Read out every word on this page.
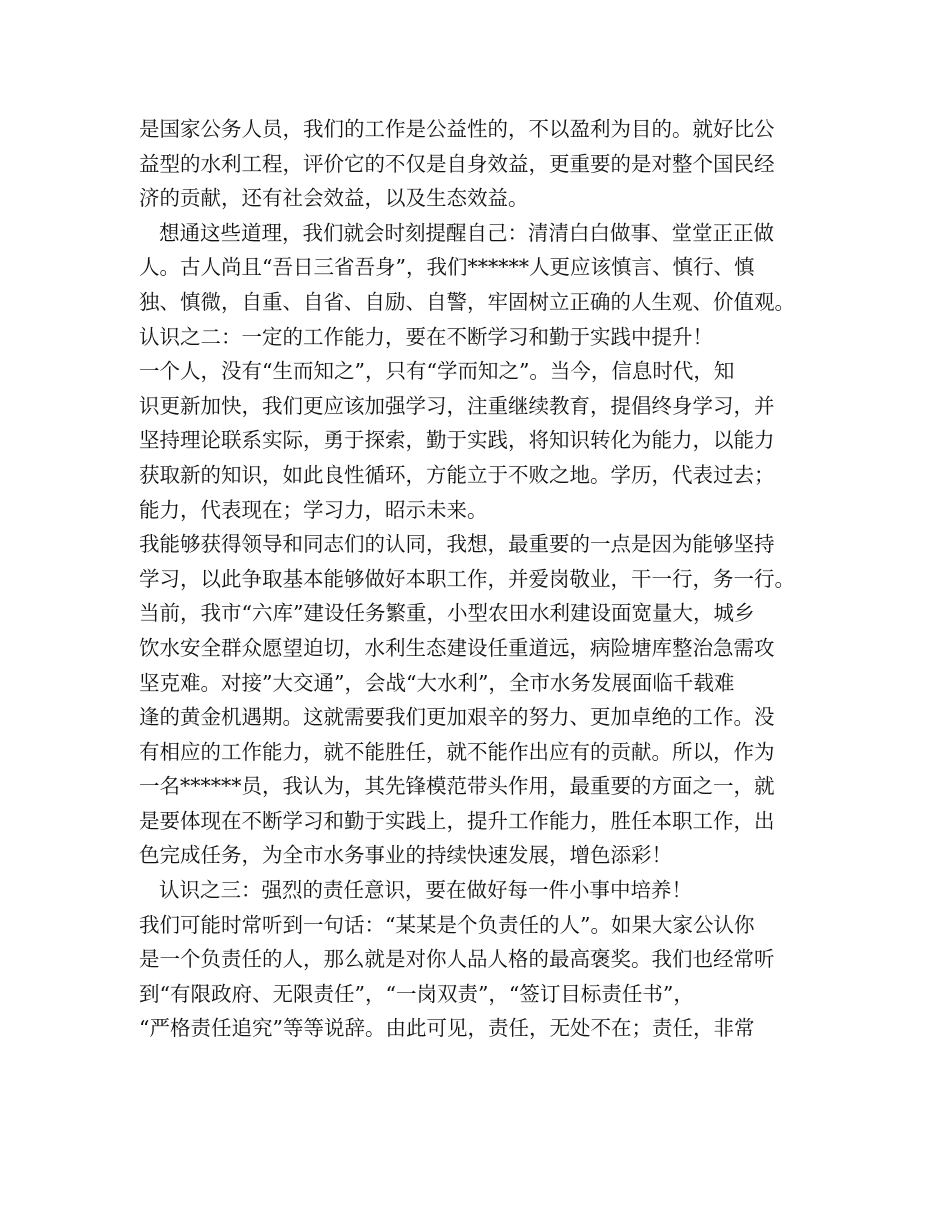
是国家公务人员，我们的工作是公益性的，不以盈利为目的。就好比公
益型的水利工程，评价它的不仅是自身效益，更重要的是对整个国民经
济的贡献，还有社会效益，以及生态效益。
想通这些道理，我们就会时刻提醒自己：清清白白做事、堂堂正正做
人。古人尚且“吾日三省吾身”，我们******人更应该慎言、慎行、慎
独、慎微，自重、自省、自励、自警，牢固树立正确的人生观、价值观。
认识之二：一定的工作能力，要在不断学习和勤于实践中提升！
一个人，没有“生而知之”，只有“学而知之”。当今，信息时代，知
识更新加快，我们更应该加强学习，注重继续教育，提倡终身学习，并
坚持理论联系实际，勇于探索，勤于实践，将知识转化为能力，以能力
获取新的知识，如此良性循环，方能立于不败之地。学历，代表过去；
能力，代表现在；学习力，昭示未来。
我能够获得领导和同志们的认同，我想，最重要的一点是因为能够坚持
学习，以此争取基本能够做好本职工作，并爱岗敬业，干一行，务一行。
当前，我市“六库”建设任务繁重，小型农田水利建设面宽量大，城乡
饮水安全群众愿望迫切，水利生态建设任重道远，病险塘库整治急需攻
坚克难。对接”大交通”，会战“大水利”，全市水务发展面临千载难
逢的黄金机遇期。这就需要我们更加艰辛的努力、更加卓绝的工作。没
有相应的工作能力，就不能胜任，就不能作出应有的贡献。所以，作为
一名******员，我认为，其先锋模范带头作用，最重要的方面之一，就
是要体现在不断学习和勤于实践上，提升工作能力，胜任本职工作，出
色完成任务，为全市水务事业的持续快速发展，增色添彩！
认识之三：强烈的责任意识，要在做好每一件小事中培养！
我们可能时常听到一句话：“某某是个负责任的人”。如果大家公认你
是一个负责任的人，那么就是对你人品人格的最高褒奖。我们也经常听
到“有限政府、无限责任”，“一岗双责”，“签订目标责任书”，
“严格责任追究”等等说辞。由此可见，责任，无处不在；责任，非常
